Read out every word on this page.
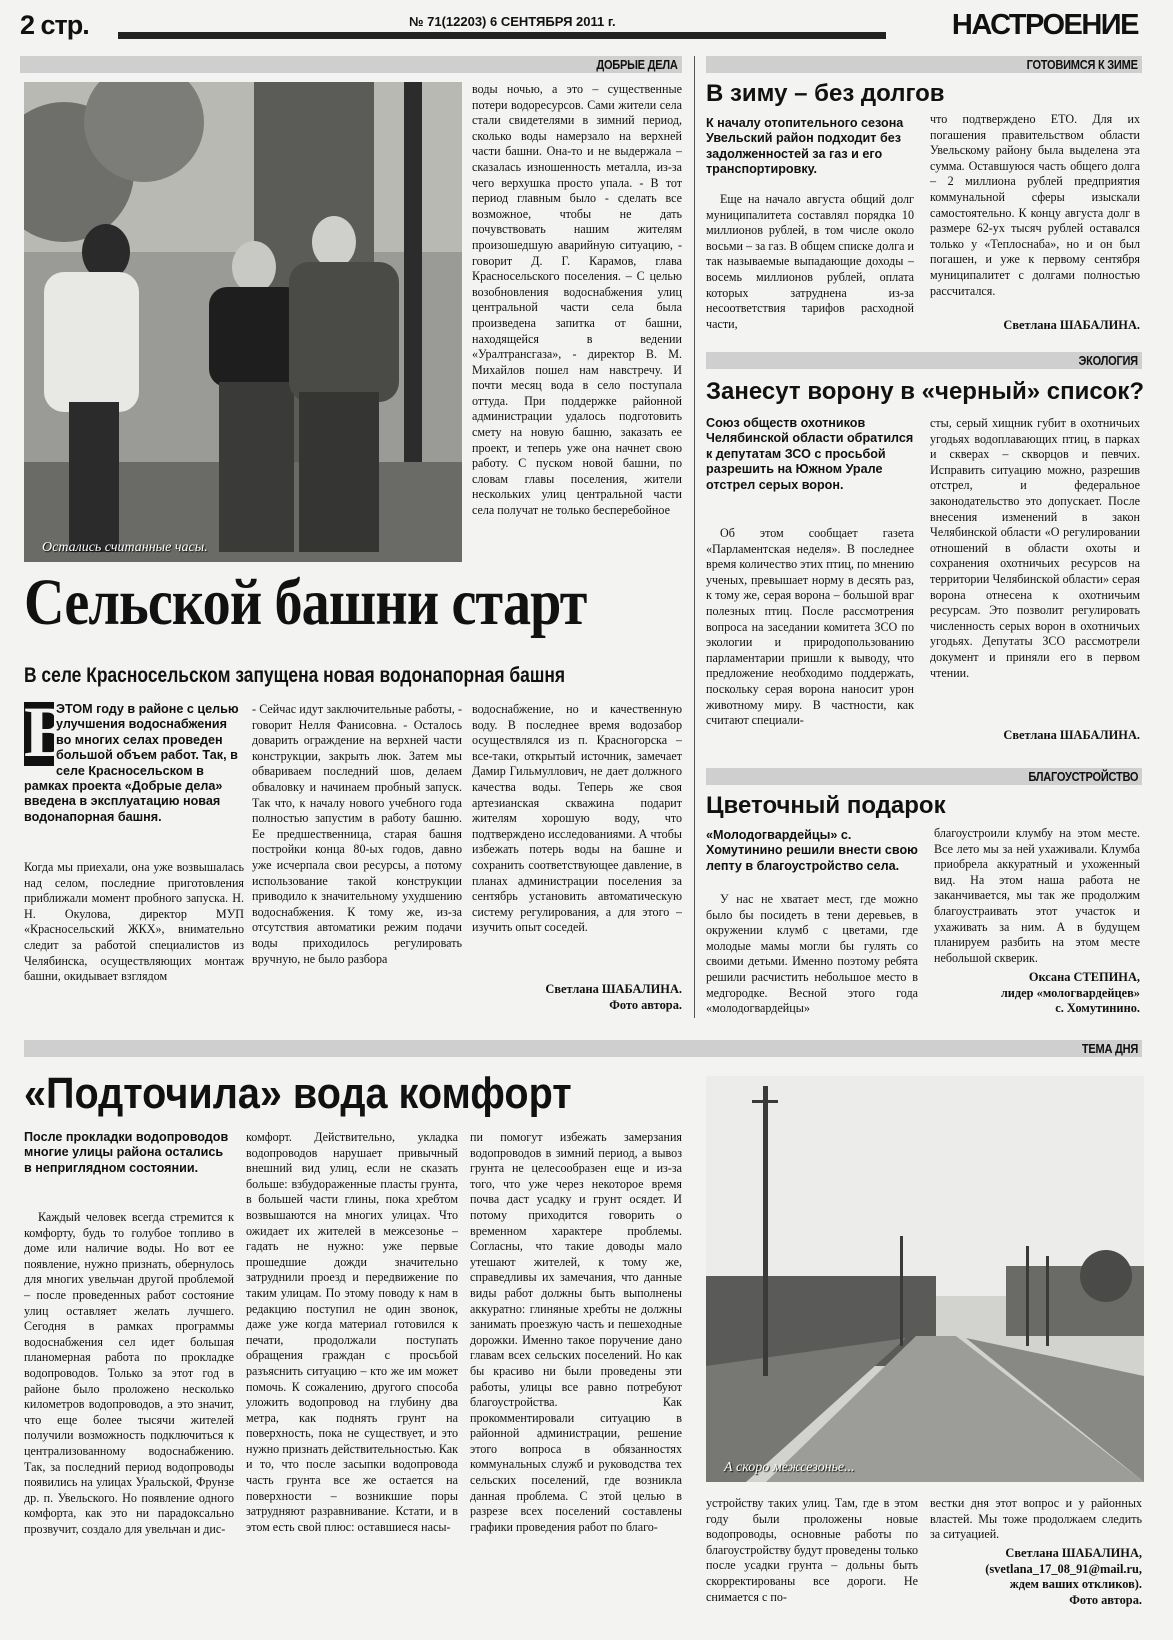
2 стр.	№ 71(12203) 6 СЕНТЯБРЯ 2011 г.	НАСТРОЕНИЕ
ДОБРЫЕ ДЕЛА
Остались считанные часы.

воды ночью, а это – существенные потери водоресурсов. Сами жители села стали свидетелями в зимний период, сколько воды намерзало на верхней части башни. Она-то и не выдержала – сказалась изношенность металла, из-за чего верхушка просто упала. - В тот период главным было - сделать все возможное, чтобы не дать почувствовать нашим жителям произошедшую аварийную ситуацию, - говорит Д. Г. Карамов, глава Красносельского поселения. – С целью возобновления водоснабжения улиц центральной части села была произведена запитка от башни, находящейся в ведении «Уралтрансгаза», - директор В. М. Михайлов пошел нам навстречу. И почти месяц вода в село поступала оттуда. При поддержке районной администрации удалось подготовить смету на новую башню, заказать ее проект, и теперь уже она начнет свою работу. С пуском новой башни, по словам главы поселения, жители нескольких улиц центральной части села получат не только бесперебойное

Сельской башни старт
В селе Красносельском запущена новая водонапорная башня
В
ЭТОМ году в районе с целью улучшения водоснабжения во многих селах проведен большой объем работ. Так, в селе Красносельском в рамках проекта «Добрые дела» введена в эксплуатацию новая водонапорная башня.

Когда мы приехали, она уже возвышалась над селом, последние приготовления приближали момент пробного запуска. Н. Н. Окулова, директор МУП «Красносельский ЖКХ», внимательно следит за работой специалистов из Челябинска, осуществляющих монтаж башни, окидывает взглядом

- Сейчас идут заключительные работы, - говорит Нелля Фанисовна. - Осталось доварить ограждение на верхней части конструкции, закрыть люк. Затем мы обвариваем последний шов, делаем обваловку и начинаем пробный запуск. Так что, к началу нового учебного года полностью запустим в работу башню. Ее предшественница, старая башня постройки конца 80-ых годов, давно уже исчерпала свои ресурсы, а потому использование такой конструкции приводило к значительному ухудшению водоснабжения. К тому же, из-за отсутствия автоматики режим подачи воды приходилось регулировать вручную, не было разбора

водоснабжение, но и качественную воду. В последнее время водозабор осуществлялся из п. Красногорска – все-таки, открытый источник, замечает Дамир Гильмуллович, не дает должного качества воды. Теперь же своя артезианская скважина подарит жителям хорошую воду, что подтверждено исследованиями. А чтобы избежать потерь воды на башне и сохранить соответствующее давление, в планах администрации поселения за сентябрь установить автоматическую систему регулирования, а для этого – изучить опыт соседей.

Светлана ШАБАЛИНА.
Фото автора.
ГОТОВИМСЯ К ЗИМЕ
В зиму – без долгов
К началу отопительного сезона Увельский район подходит без задолженностей за газ и его транспортировку.

Еще на начало августа общий долг муниципалитета составлял порядка 10 миллионов рублей, в том числе около восьми – за газ. В общем списке долга и так называемые выпадающие доходы – восемь миллионов рублей, оплата которых затруднена из-за несоответствия тарифов расходной части,

что подтверждено ЕТО. Для их погашения правительством области Увельскому району была выделена эта сумма. Оставшуюся часть общего долга – 2 миллиона рублей предприятия коммунальной сферы изыскали самостоятельно. К концу августа долг в размере 62-ух тысяч рублей оставался только у «Теплоснаба», но и он был погашен, и уже к первому сентября муниципалитет с долгами полностью рассчитался.

Светлана ШАБАЛИНА.
ЭКОЛОГИЯ
Занесут ворону в «черный» список?
Союз обществ охотников Челябинской области обратился к депутатам ЗСО с просьбой разрешить на Южном Урале отстрел серых ворон.

Об этом сообщает газета «Парламентская неделя». В последнее время количество этих птиц, по мнению ученых, превышает норму в десять раз, к тому же, серая ворона – большой враг полезных птиц. После рассмотрения вопроса на заседании комитета ЗСО по экологии и природопользованию парламентарии пришли к выводу, что предложение необходимо поддержать, поскольку серая ворона наносит урон животному миру. В частности, как считают специали-

сты, серый хищник губит в охотничьих угодьях водоплавающих птиц, в парках и скверах – скворцов и певчих. Исправить ситуацию можно, разрешив отстрел, и федеральное законодательство это допускает. После внесения изменений в закон Челябинской области «О регулировании отношений в области охоты и сохранения охотничьих ресурсов на территории Челябинской области» серая ворона отнесена к охотничьим ресурсам. Это позволит регулировать численность серых ворон в охотничьих угодьях. Депутаты ЗСО рассмотрели документ и приняли его в первом чтении.

Светлана ШАБАЛИНА.
БЛАГОУСТРОЙСТВО
Цветочный подарок
«Молодогвардейцы» с. Хомутинино решили внести свою лепту в благоустройство села.

У нас не хватает мест, где можно было бы посидеть в тени деревьев, в окружении клумб с цветами, где молодые мамы могли бы гулять со своими детьми. Именно поэтому ребята решили расчистить небольшое место в медгородке. Весной этого года «молодогвардейцы»

благоустроили клумбу на этом месте. Все лето мы за ней ухаживали. Клумба приобрела аккуратный и ухоженный вид. На этом наша работа не заканчивается, мы так же продолжим благоустраивать этот участок и ухаживать за ним. А в будущем планируем разбить на этом месте небольшой скверик.

Оксана СТЕПИНА,
лидер «мологвардейцев»
с. Хомутинино.
ТЕМА ДНЯ
«Подточила» вода комфорт
После прокладки водопроводов многие улицы района остались в неприглядном состоянии.

Каждый человек всегда стремится к комфорту, будь то голубое топливо в доме или наличие воды. Но вот ее появление, нужно признать, обернулось для многих увельчан другой проблемой – после проведенных работ состояние улиц оставляет желать лучшего. Сегодня в рамках программы водоснабжения сел идет большая планомерная работа по прокладке водопроводов. Только за этот год в районе было проложено несколько километров водопроводов, а это значит, что еще более тысячи жителей получили возможность подключиться к централизованному водоснабжению. Так, за последний период водопроводы появились на улицах Уральской, Фрунзе др. п. Увельского. Но появление одного комфорта, как это ни парадоксально прозвучит, создало для увельчан и дис-

комфорт. Действительно, укладка водопроводов нарушает привычный внешний вид улиц, если не сказать больше: взбудораженные пласты грунта, в большей части глины, пока хребтом возвышаются на многих улицах. Что ожидает их жителей в межсезонье – гадать не нужно: уже первые прошедшие дожди значительно затруднили проезд и передвижение по таким улицам. По этому поводу к нам в редакцию поступил не один звонок, даже уже когда материал готовился к печати, продолжали поступать обращения граждан с просьбой разъяснить ситуацию – кто же им может помочь. К сожалению, другого способа уложить водопровод на глубину два метра, как поднять грунт на поверхность, пока не существует, и это нужно признать действительностью. Как и то, что после засыпки водопровода часть грунта все же остается на поверхности – возникшие поры затрудняют разравнивание. Кстати, и в этом есть свой плюс: оставшиеся насы-

пи помогут избежать замерзания водопроводов в зимний период, а вывоз грунта не целесообразен еще и из-за того, что уже через некоторое время почва даст усадку и грунт осядет. И потому приходится говорить о временном характере проблемы. Согласны, что такие доводы мало утешают жителей, к тому же, справедливы их замечания, что данные виды работ должны быть выполнены аккуратно: глиняные хребты не должны занимать проезжую часть и пешеходные дорожки. Именно такое поручение дано главам всех сельских поселений. Но как бы красиво ни были проведены эти работы, улицы все равно потребуют благоустройства. Как прокомментировали ситуацию в районной администрации, решение этого вопроса в обязанностях коммунальных служб и руководства тех сельских поселений, где возникла данная проблема. С этой целью в разрезе всех поселений составлены графики проведения работ по благо-

А скоро межсезонье...

устройству таких улиц. Там, где в этом году были проложены новые водопроводы, основные работы по благоустройству будут проведены только после усадки грунта – дольны быть скорректированы все дороги. Не снимается с по-

вестки дня этот вопрос и у районных властей. Мы тоже продолжаем следить за ситуацией.

Светлана ШАБАЛИНА,
(svetlana_17_08_91@mail.ru,
ждем ваших откликов).
Фото автора.
